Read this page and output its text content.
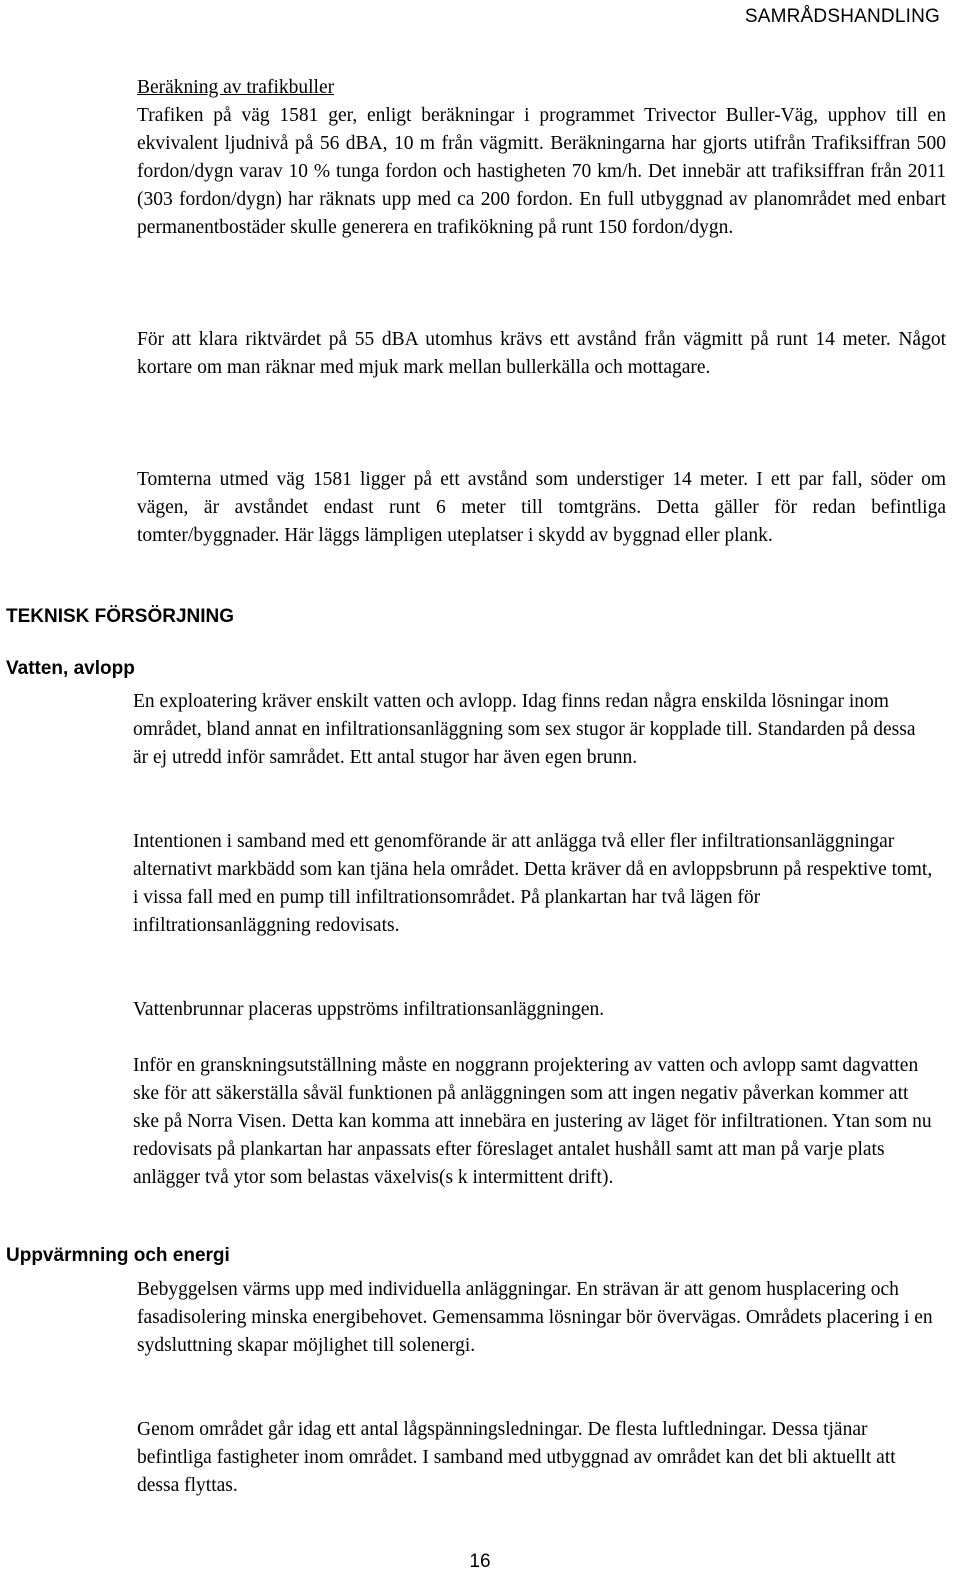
SAMRÅDSHANDLING
Beräkning av trafikbuller

Trafiken på väg 1581 ger, enligt beräkningar i programmet Trivector Buller-Väg, upphov till en ekvivalent ljudnivå på 56 dBA, 10 m från vägmitt. Beräkningarna har gjorts utifrån Trafiksiffran 500 fordon/dygn varav 10 % tunga fordon och hastigheten 70 km/h. Det innebär att trafiksiffran från 2011 (303 fordon/dygn) har räknats upp med ca 200 fordon. En full utbyggnad av planområdet med enbart permanentbostäder skulle generera en trafikökning på runt 150 fordon/dygn.

För att klara riktvärdet på 55 dBA utomhus krävs ett avstånd från vägmitt på runt 14 meter. Något kortare om man räknar med mjuk mark mellan bullerkälla och mottagare.

Tomterna utmed väg 1581 ligger på ett avstånd som understiger 14 meter. I ett par fall, söder om vägen, är avståndet endast runt 6 meter till tomtgräns. Detta gäller för redan befintliga tomter/byggnader. Här läggs lämpligen uteplatser i skydd av byggnad eller plank.

TEKNISK FÖRSÖRJNING
Vatten, avlopp

En exploatering kräver enskilt vatten och avlopp. Idag finns redan några enskilda lösningar inom området, bland annat en infiltrationsanläggning som sex stugor är kopplade till. Standarden på dessa är ej utredd inför samrådet. Ett antal stugor har även egen brunn.

Intentionen i samband med ett genomförande är att anlägga två eller fler infiltrationsanläggningar alternativt markbädd som kan tjäna hela området. Detta kräver då en avloppsbrunn på respektive tomt, i vissa fall med en pump till infiltrationsområdet. På plankartan har två lägen för infiltrationsanläggning redovisats.

Vattenbrunnar placeras uppströms infiltrationsanläggningen.

Inför en granskningsutställning måste en noggrann projektering av vatten och avlopp samt dagvatten ske för att säkerställa såväl funktionen på anläggningen som att ingen negativ påverkan kommer att ske på Norra Visen. Detta kan komma att innebära en justering av läget för infiltrationen. Ytan som nu redovisats på plankartan har anpassats efter föreslaget antalet hushåll samt att man på varje plats anlägger två ytor som belastas växelvis(s k intermittent drift).

Uppvärmning och energi

Bebyggelsen värms upp med individuella anläggningar. En strävan är att genom husplacering och fasadisolering minska energibehovet. Gemensamma lösningar bör övervägas. Områdets placering i en sydsluttning skapar möjlighet till solenergi.

Genom området går idag ett antal lågspänningsledningar. De flesta luftledningar. Dessa tjänar befintliga fastigheter inom området. I samband med utbyggnad av området kan det bli aktuellt att dessa flyttas.

16
